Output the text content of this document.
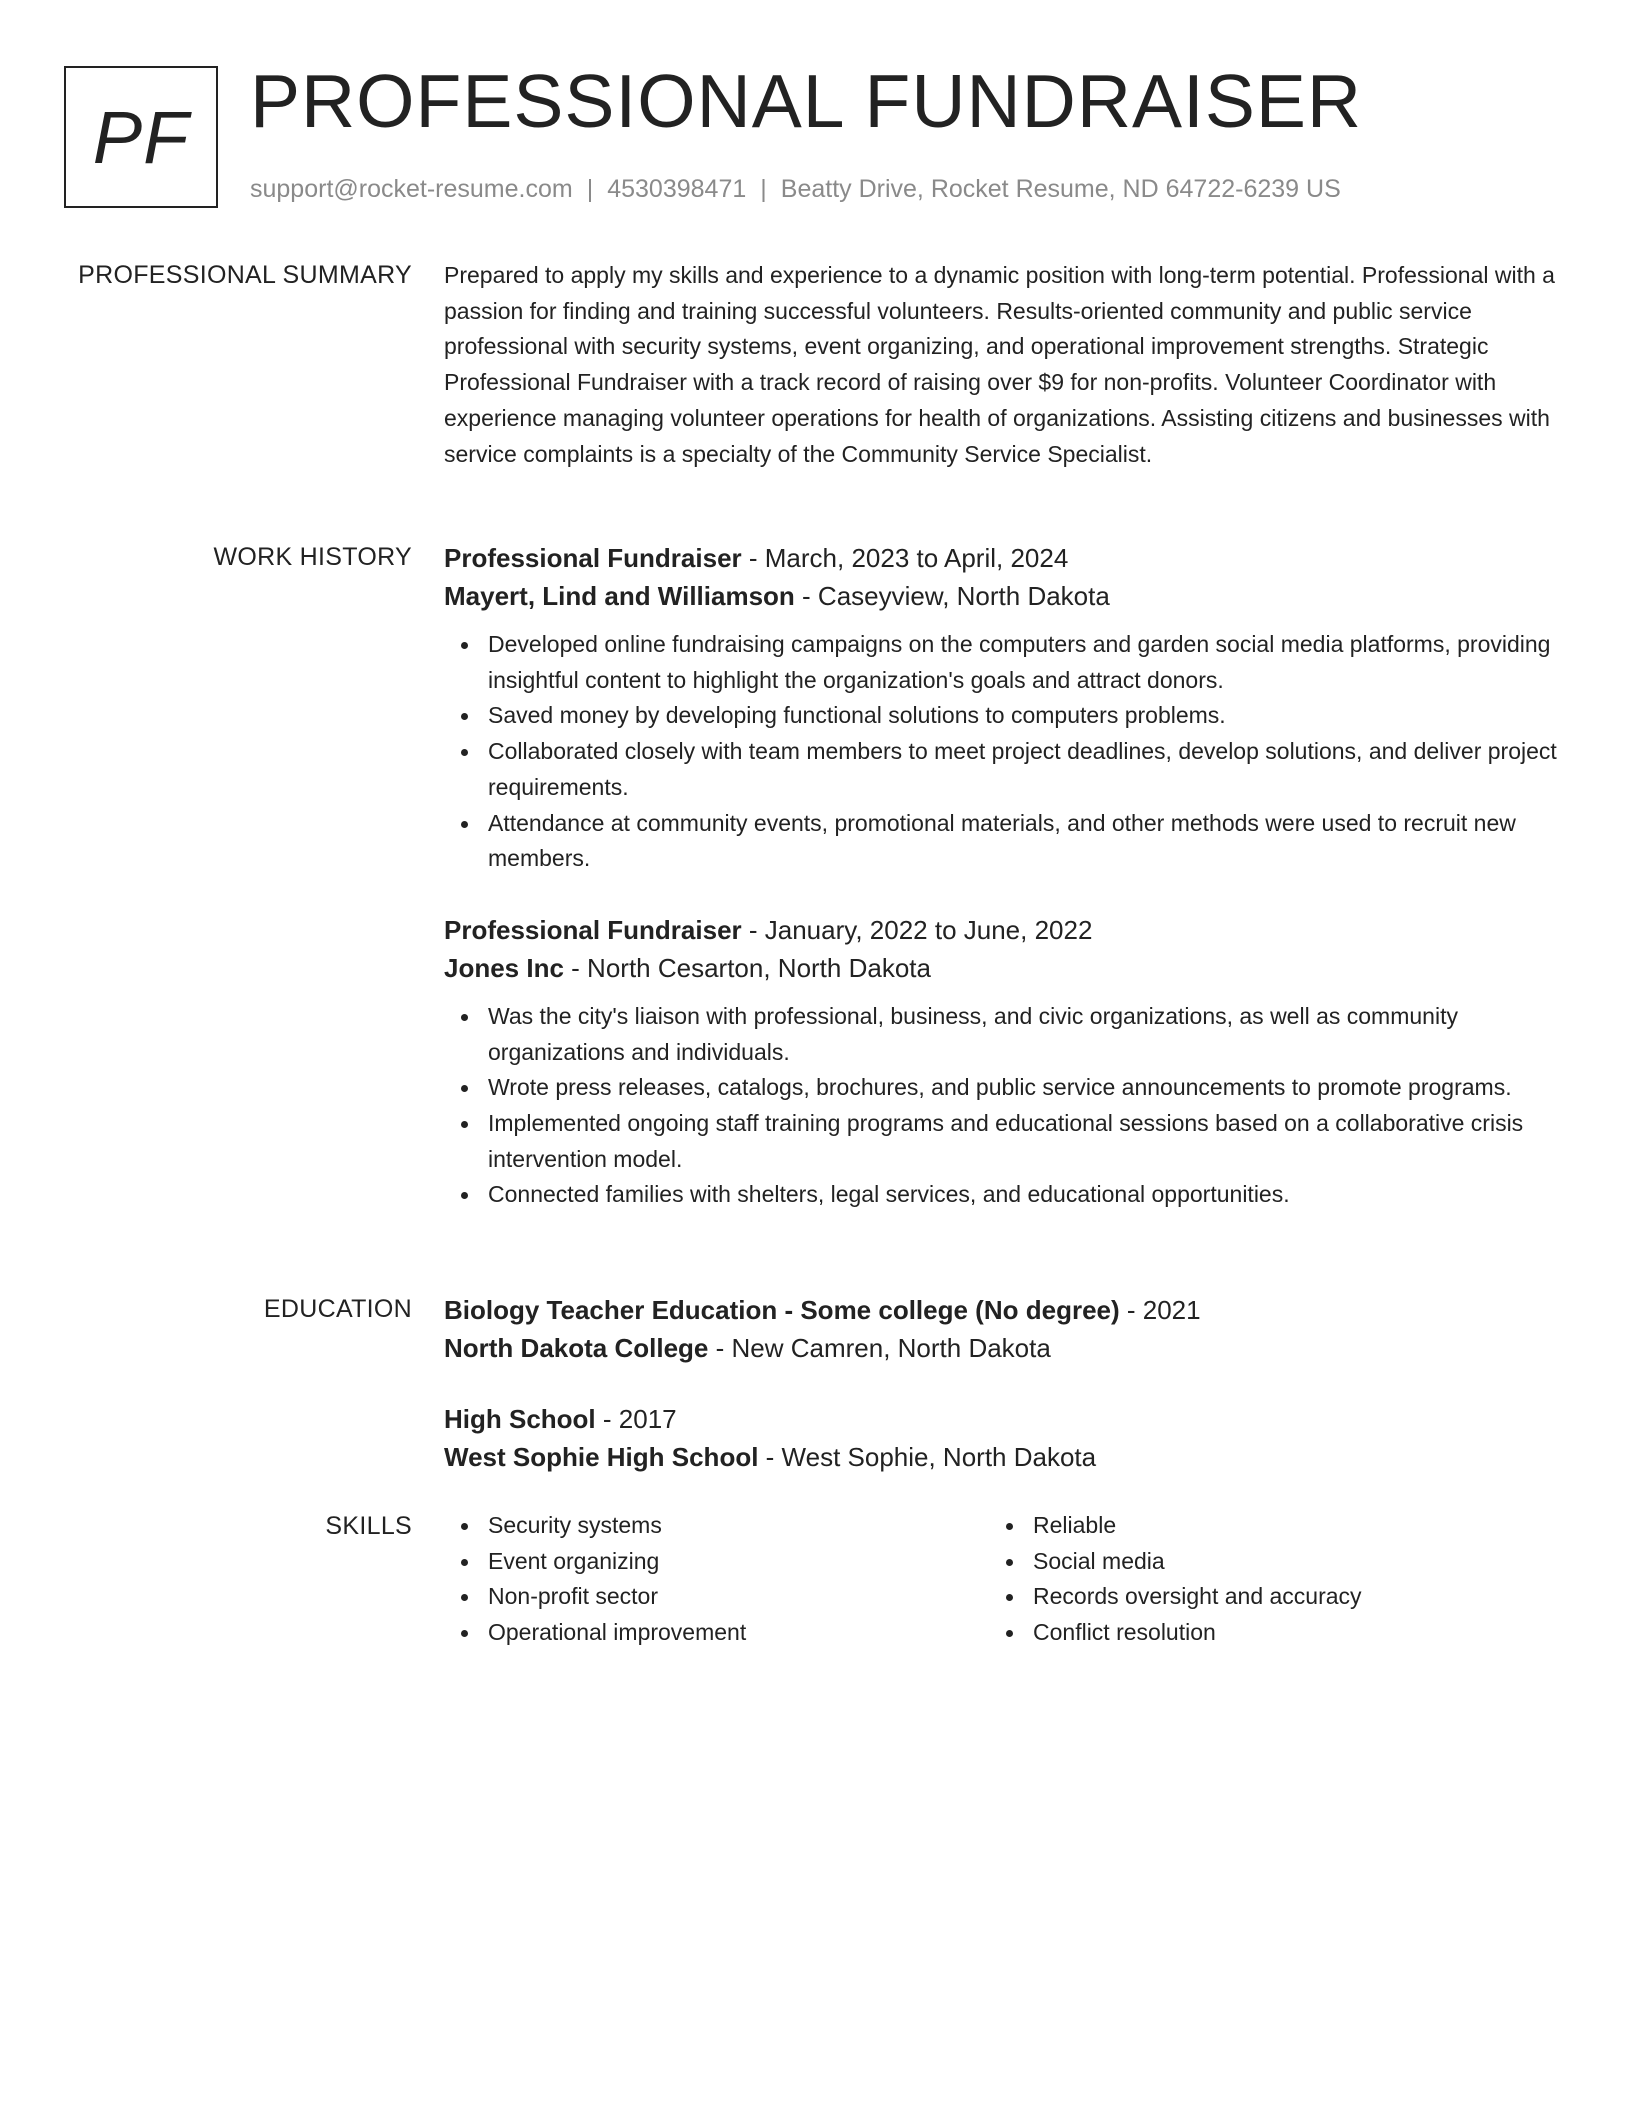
PF PROFESSIONAL FUNDRAISER
support@rocket-resume.com | 4530398471 | Beatty Drive, Rocket Resume, ND 64722-6239 US
PROFESSIONAL SUMMARY Prepared to apply my skills and experience to a dynamic position with long-term potential. Professional with a passion for finding and training successful volunteers. Results-oriented community and public service professional with security systems, event organizing, and operational improvement strengths. Strategic Professional Fundraiser with a track record of raising over $9 for non-profits. Volunteer Coordinator with experience managing volunteer operations for health of organizations. Assisting citizens and businesses with service complaints is a specialty of the Community Service Specialist.

WORK HISTORY Professional Fundraiser - March, 2023 to April, 2024
Mayert, Lind and Williamson - Caseyview, North Dakota
Developed online fundraising campaigns on the computers and garden social media platforms, providing insightful content to highlight the organization's goals and attract donors.
Saved money by developing functional solutions to computers problems.
Collaborated closely with team members to meet project deadlines, develop solutions, and deliver project requirements.
Attendance at community events, promotional materials, and other methods were used to recruit new members.
Professional Fundraiser - January, 2022 to June, 2022
Jones Inc - North Cesarton, North Dakota
Was the city's liaison with professional, business, and civic organizations, as well as community organizations and individuals.
Wrote press releases, catalogs, brochures, and public service announcements to promote programs.
Implemented ongoing staff training programs and educational sessions based on a collaborative crisis intervention model.
Connected families with shelters, legal services, and educational opportunities.
EDUCATION Biology Teacher Education - Some college (No degree) - 2021
North Dakota College - New Camren, North Dakota
High School - 2017
West Sophie High School - West Sophie, North Dakota
SKILLS	Security systems
Event organizing
Non-profit sector
Operational improvement
Reliable
Social media
Records oversight and accuracy
Conflict resolution
